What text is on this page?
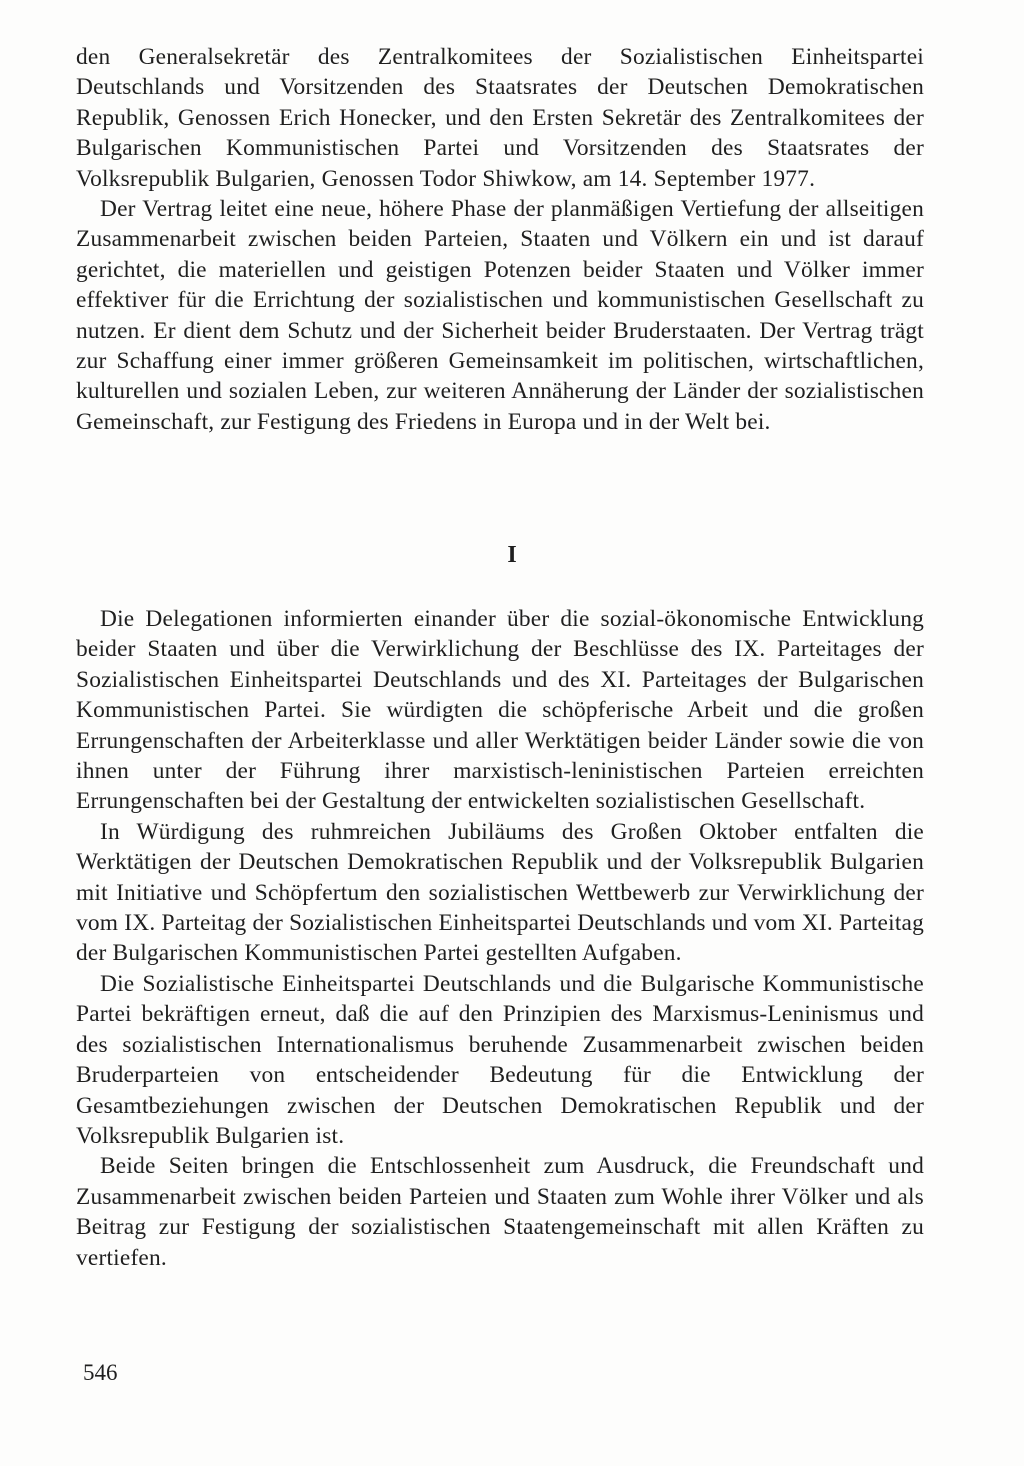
den Generalsekretär des Zentralkomitees der Sozialistischen Einheitspartei Deutschlands und Vorsitzenden des Staatsrates der Deutschen Demokratischen Republik, Genossen Erich Honecker, und den Ersten Sekretär des Zentralkomitees der Bulgarischen Kommunistischen Partei und Vorsitzenden des Staatsrates der Volksrepublik Bulgarien, Genossen Todor Shiwkow, am 14. September 1977.

Der Vertrag leitet eine neue, höhere Phase der planmäßigen Vertiefung der allseitigen Zusammenarbeit zwischen beiden Parteien, Staaten und Völkern ein und ist darauf gerichtet, die materiellen und geistigen Potenzen beider Staaten und Völker immer effektiver für die Errichtung der sozialistischen und kommunistischen Gesellschaft zu nutzen. Er dient dem Schutz und der Sicherheit beider Bruderstaaten. Der Vertrag trägt zur Schaffung einer immer größeren Gemeinsamkeit im politischen, wirtschaftlichen, kulturellen und sozialen Leben, zur weiteren Annäherung der Länder der sozialistischen Gemeinschaft, zur Festigung des Friedens in Europa und in der Welt bei.

I

Die Delegationen informierten einander über die sozial-ökonomische Entwicklung beider Staaten und über die Verwirklichung der Beschlüsse des IX. Parteitages der Sozialistischen Einheitspartei Deutschlands und des XI. Parteitages der Bulgarischen Kommunistischen Partei. Sie würdigten die schöpferische Arbeit und die großen Errungenschaften der Arbeiterklasse und aller Werktätigen beider Länder sowie die von ihnen unter der Führung ihrer marxistisch-leninistischen Parteien erreichten Errungenschaften bei der Gestaltung der entwickelten sozialistischen Gesellschaft.

In Würdigung des ruhmreichen Jubiläums des Großen Oktober entfalten die Werktätigen der Deutschen Demokratischen Republik und der Volksrepublik Bulgarien mit Initiative und Schöpfertum den sozialistischen Wettbewerb zur Verwirklichung der vom IX. Parteitag der Sozialistischen Einheitspartei Deutschlands und vom XI. Parteitag der Bulgarischen Kommunistischen Partei gestellten Aufgaben.

Die Sozialistische Einheitspartei Deutschlands und die Bulgarische Kommunistische Partei bekräftigen erneut, daß die auf den Prinzipien des Marxismus-Leninismus und des sozialistischen Internationalismus beruhende Zusammenarbeit zwischen beiden Bruderparteien von entscheidender Bedeutung für die Entwicklung der Gesamtbeziehungen zwischen der Deutschen Demokratischen Republik und der Volksrepublik Bulgarien ist.

Beide Seiten bringen die Entschlossenheit zum Ausdruck, die Freundschaft und Zusammenarbeit zwischen beiden Parteien und Staaten zum Wohle ihrer Völker und als Beitrag zur Festigung der sozialistischen Staatengemeinschaft mit allen Kräften zu vertiefen.

546
